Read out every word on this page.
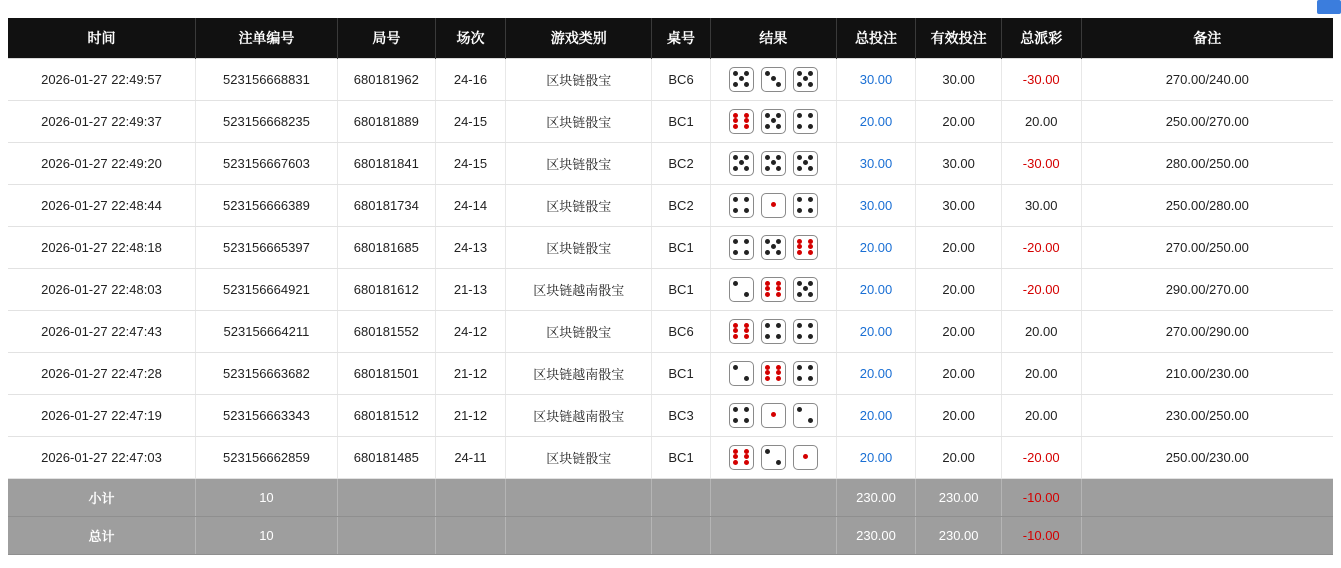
时间	注单编号	局号	场次	游戏类别	桌号	结果	总投注	有效投注	总派彩	备注
2026-01-27 22:49:57	523156668831	680181962	24-16	区块链骰宝	BC6		30.00	30.00	-30.00	270.00/240.00
2026-01-27 22:49:37	523156668235	680181889	24-15	区块链骰宝	BC1		20.00	20.00	20.00	250.00/270.00
2026-01-27 22:49:20	523156667603	680181841	24-15	区块链骰宝	BC2		30.00	30.00	-30.00	280.00/250.00
2026-01-27 22:48:44	523156666389	680181734	24-14	区块链骰宝	BC2		30.00	30.00	30.00	250.00/280.00
2026-01-27 22:48:18	523156665397	680181685	24-13	区块链骰宝	BC1		20.00	20.00	-20.00	270.00/250.00
2026-01-27 22:48:03	523156664921	680181612	21-13	区块链越南骰宝	BC1		20.00	20.00	-20.00	290.00/270.00
2026-01-27 22:47:43	523156664211	680181552	24-12	区块链骰宝	BC6		20.00	20.00	20.00	270.00/290.00
2026-01-27 22:47:28	523156663682	680181501	21-12	区块链越南骰宝	BC1		20.00	20.00	20.00	210.00/230.00
2026-01-27 22:47:19	523156663343	680181512	21-12	区块链越南骰宝	BC3		20.00	20.00	20.00	230.00/250.00
2026-01-27 22:47:03	523156662859	680181485	24-11	区块链骰宝	BC1		20.00	20.00	-20.00	250.00/230.00
小计	10						230.00	230.00	-10.00	
总计	10						230.00	230.00	-10.00	
